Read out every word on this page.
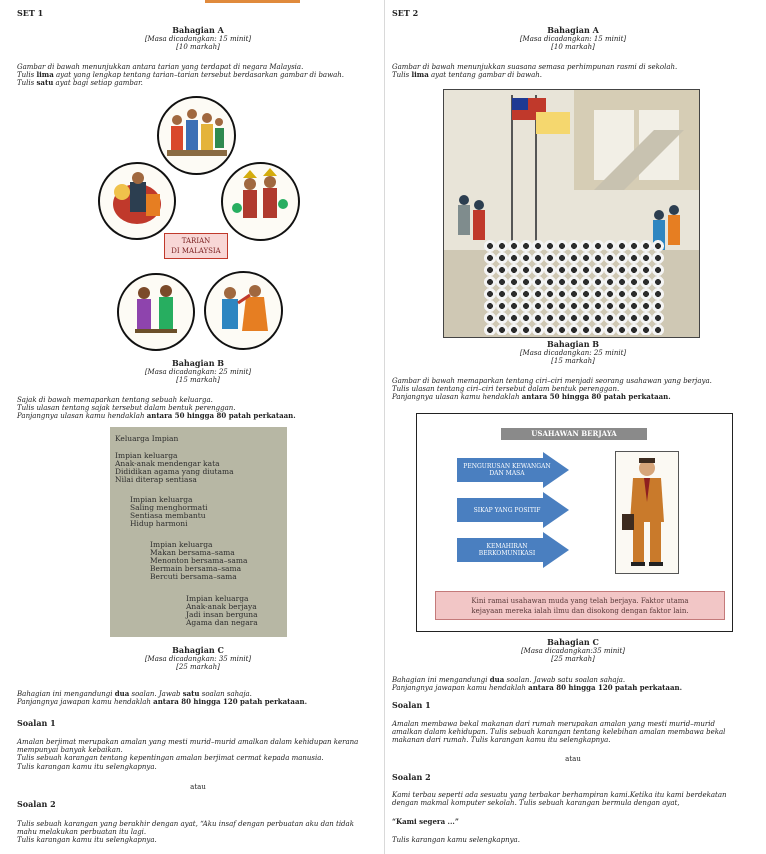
SET 1
Bahagian A
[Masa dicadangkan: 15 minit]
[10 markah]
Gambar di bawah menunjukkan antara tarian yang terdapat di negara Malaysia.
Tulis lima ayat yang lengkap tentang tarian–tarian tersebut berdasarkan gambar di bawah.
Tulis satu ayat bagi setiap gambar.
TARIAN
DI MALAYSIA
Bahagian B
[Masa dicadangkan: 25 minit]
[15 markah]
Sajak di bawah memaparkan tentang sebuah keluarga.
Tulis ulasan tentang sajak tersebut dalam bentuk perenggan.
Panjangnya ulasan kamu hendaklah antara 50 hingga 80 patah perkataan.
Keluarga Impian
Impian keluarga
Anak-anak mendengar kata
Dididikan agama yang diutama
Nilai diterap sentiasa
Impian keluarga
Saling menghormati
Sentiasa membantu
Hidup harmoni
Impian keluarga
Makan bersama–sama
Menonton bersama–sama
Bermain bersama–sama
Bercuti bersama–sama
Impian keluarga
Anak-anak berjaya
Jadi insan berguna
Agama dan negara
Bahagian C
[Masa dicadangkan: 35 minit]
[25 markah]
Bahagian ini mengandungi dua soalan. Jawab satu soalan sahaja.
Panjangnya jawapan kamu hendaklah antara 80 hingga 120 patah perkataan.
Soalan 1
Amalan berjimat merupakan amalan yang mesti murid–murid amalkan dalam kehidupan kerana
mempunyai banyak kebaikan.
Tulis sebuah karangan tentang kepentingan amalan berjimat cermat kepada manusia.
Tulis karangan kamu itu selengkapnya.
atau
Soalan 2
Tulis sebuah karangan yang berakhir dengan ayat, “Aku insaf dengan perbuatan aku dan tidak
mahu melakukan perbuatan itu lagi.
Tulis karangan kamu itu selengkapnya.
SET 2
Bahagian A
[Masa dicadangkan: 15 minit]
[10 markah]
Gambar di bawah menunjukkan suasana semasa perhimpunan rasmi di sekolah.
Tulis lima ayat tentang gambar di bawah.
Bahagian B
[Masa dicadangkan: 25 minit]
[15 markah]
Gambar di bawah memaparkan tentang ciri–ciri menjadi seorang usahawan yang berjaya.
Tulis ulasan tentang ciri–ciri tersebut dalam bentuk perenggan.
Panjangnya ulasan kamu hendaklah antara 50 hingga 80 patah perkataan.
USAHAWAN BERJAYA
PENGURUSAN KEWANGAN DAN MASA
SIKAP YANG POSITIF
KEMAHIRAN BERKOMUNIKASI
Kini ramai usahawan muda yang telah berjaya. Faktor utama
kejayaan mereka ialah ilmu dan disokong dengan faktor lain.
Bahagian C
[Masa dicadangkan:35 minit]
[25 markah]
Bahagian ini mengandungi dua soalan. Jawab satu soalan sahaja.
Panjangnya jawapan kamu hendaklah antara 80 hingga 120 patah perkataan.
Soalan 1
Amalan membawa bekal makanan dari rumah merupakan amalan yang mesti murid–murid
amalkan dalam kehidupan. Tulis sebuah karangan tentang kelebihan amalan membawa bekal
makanan dari rumah. Tulis karangan kamu itu selengkapnya.
atau
Soalan 2
Kami terbau seperti ada sesuatu yang terbakar berhampiran kami.Ketika itu kami berdekatan
dengan makmal komputer sekolah. Tulis sebuah karangan bermula dengan ayat,
“Kami segera ...”
Tulis karangan kamu selengkapnya.
